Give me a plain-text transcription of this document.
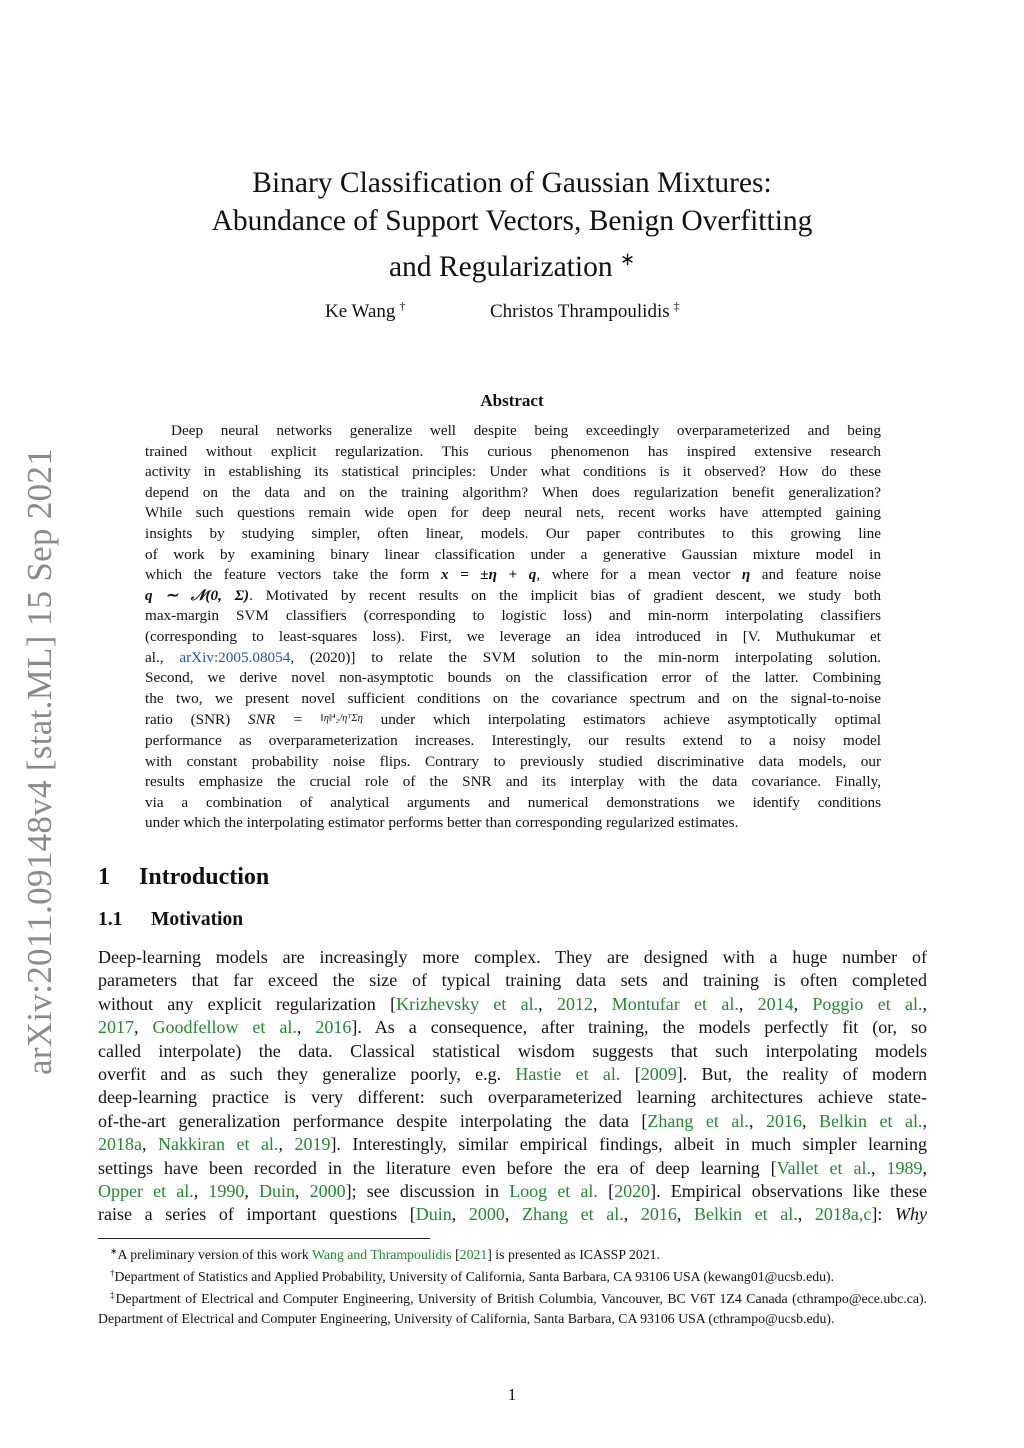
arXiv:2011.09148v4 [stat.ML] 15 Sep 2021
Binary Classification of Gaussian Mixtures:
Abundance of Support Vectors, Benign Overfitting
and Regularization ∗
Ke Wang †	Christos Thrampoulidis ‡
Abstract
Deep neural networks generalize well despite being exceedingly overparameterized and being
trained without explicit regularization. This curious phenomenon has inspired extensive research
activity in establishing its statistical principles: Under what conditions is it observed? How do these
depend on the data and on the training algorithm? When does regularization benefit generalization?
While such questions remain wide open for deep neural nets, recent works have attempted gaining
insights by studying simpler, often linear, models. Our paper contributes to this growing line
of work by examining binary linear classification under a generative Gaussian mixture model in
which the feature vectors take the form x = ±η + q, where for a mean vector η and feature noise
q ∼ 𝒩(0, Σ). Motivated by recent results on the implicit bias of gradient descent, we study both
max-margin SVM classifiers (corresponding to logistic loss) and min-norm interpolating classifiers
(corresponding to least-squares loss). First, we leverage an idea introduced in [V. Muthukumar et
al., arXiv:2005.08054, (2020)] to relate the SVM solution to the min-norm interpolating solution.
Second, we derive novel non-asymptotic bounds on the classification error of the latter. Combining
the two, we present novel sufficient conditions on the covariance spectrum and on the signal-to-noise
ratio (SNR) SNR = ‖η‖⁴₂/ηᵀΣη under which interpolating estimators achieve asymptotically optimal
performance as overparameterization increases. Interestingly, our results extend to a noisy model
with constant probability noise flips. Contrary to previously studied discriminative data models, our
results emphasize the crucial role of the SNR and its interplay with the data covariance. Finally,
via a combination of analytical arguments and numerical demonstrations we identify conditions
under which the interpolating estimator performs better than corresponding regularized estimates.
1 Introduction
1.1 Motivation
Deep-learning models are increasingly more complex. They are designed with a huge number of
parameters that far exceed the size of typical training data sets and training is often completed
without any explicit regularization [Krizhevsky et al., 2012, Montufar et al., 2014, Poggio et al.,
2017, Goodfellow et al., 2016]. As a consequence, after training, the models perfectly fit (or, so
called interpolate) the data. Classical statistical wisdom suggests that such interpolating models
overfit and as such they generalize poorly, e.g. Hastie et al. [2009]. But, the reality of modern
deep-learning practice is very different: such overparameterized learning architectures achieve state-
of-the-art generalization performance despite interpolating the data [Zhang et al., 2016, Belkin et al.,
2018a, Nakkiran et al., 2019]. Interestingly, similar empirical findings, albeit in much simpler learning
settings have been recorded in the literature even before the era of deep learning [Vallet et al., 1989,
Opper et al., 1990, Duin, 2000]; see discussion in Loog et al. [2020]. Empirical observations like these
raise a series of important questions [Duin, 2000, Zhang et al., 2016, Belkin et al., 2018a,c]: Why

∗A preliminary version of this work Wang and Thrampoulidis [2021] is presented as ICASSP 2021.

†Department of Statistics and Applied Probability, University of California, Santa Barbara, CA 93106 USA (kewang01@ucsb.edu).

‡Department of Electrical and Computer Engineering, University of British Columbia, Vancouver, BC V6T 1Z4 Canada (cthrampo@ece.ubc.ca). Department of Electrical and Computer Engineering, University of California, Santa Barbara, CA 93106 USA (cthrampo@ucsb.edu).

1
